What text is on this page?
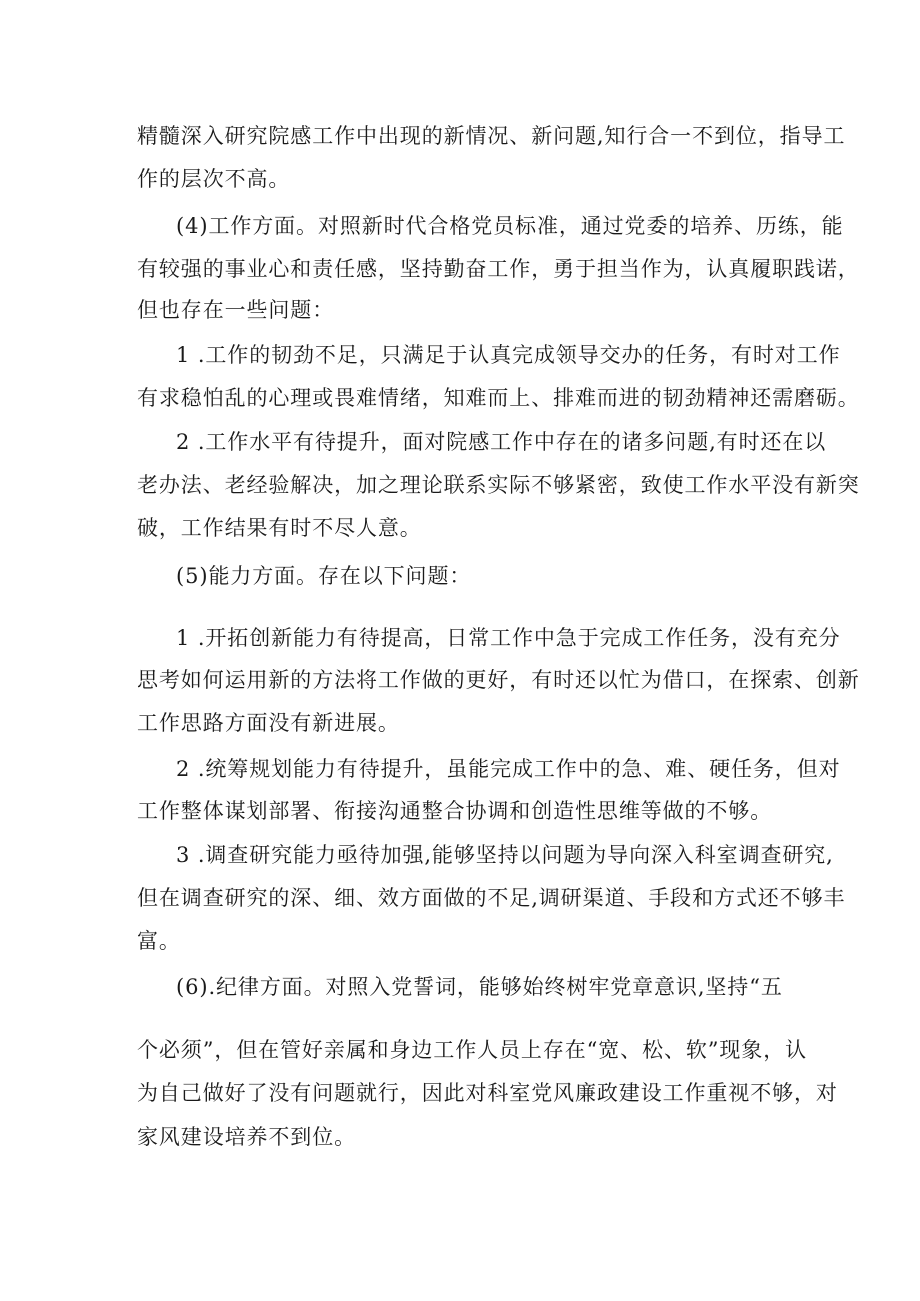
精髓深入研究院感工作中出现的新情况、新问题,知行合一不到位，指导工
作的层次不高。
(4)工作方面。对照新时代合格党员标准，通过党委的培养、历练，能
有较强的事业心和责任感，坚持勤奋工作，勇于担当作为，认真履职践诺，
但也存在一些问题：
1 .工作的韧劲不足，只满足于认真完成领导交办的任务，有时对工作
有求稳怕乱的心理或畏难情绪，知难而上、排难而进的韧劲精神还需磨砺。
2 .工作水平有待提升，面对院感工作中存在的诸多问题,有时还在以
老办法、老经验解决，加之理论联系实际不够紧密，致使工作水平没有新突
破，工作结果有时不尽人意。
(5)能力方面。存在以下问题：
1 .开拓创新能力有待提高，日常工作中急于完成工作任务，没有充分
思考如何运用新的方法将工作做的更好，有时还以忙为借口，在探索、创新
工作思路方面没有新进展。
2 .统筹规划能力有待提升，虽能完成工作中的急、难、硬任务，但对
工作整体谋划部署、衔接沟通整合协调和创造性思维等做的不够。
3 .调查研究能力亟待加强,能够坚持以问题为导向深入科室调查研究,
但在调查研究的深、细、效方面做的不足,调研渠道、手段和方式还不够丰
富。
(6).纪律方面。对照入党誓词，能够始终树牢党章意识,坚持“五
个必须”，但在管好亲属和身边工作人员上存在“宽、松、软”现象，认
为自己做好了没有问题就行，因此对科室党风廉政建设工作重视不够，对
家风建设培养不到位。
